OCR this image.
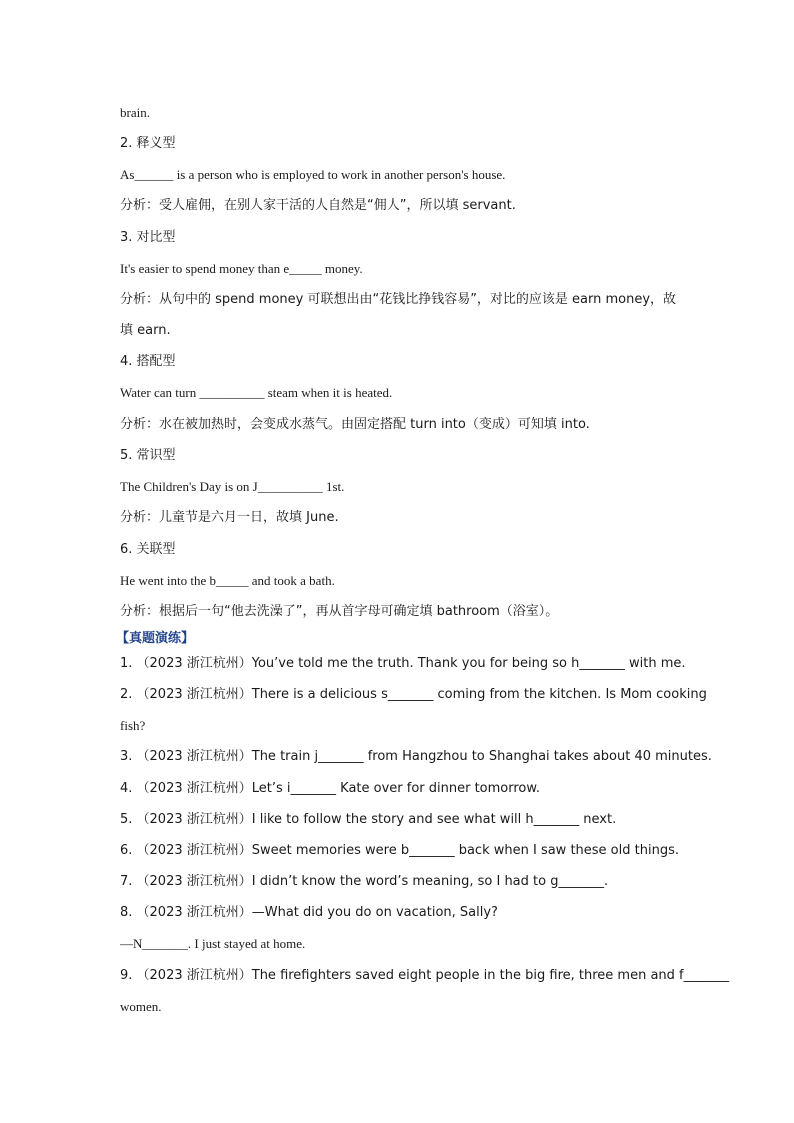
brain.
2. 释义型
As______ is a person who is employed to work in another person's house.
分析：受人雇佣，在别人家干活的人自然是“佣人”，所以填 servant.
3. 对比型
It's easier to spend money than e_____ money.
分析：从句中的 spend money 可联想出由“花钱比挣钱容易”，对比的应该是 earn money，故
填 earn.
4. 搭配型
Water can turn __________ steam when it is heated.
分析：水在被加热时，会变成水蒸气。由固定搭配 turn into（变成）可知填 into.
5. 常识型
The Children's Day is on J__________ 1st.
分析：儿童节是六月一日，故填 June.
6. 关联型
He went into the b_____ and took a bath.
分析：根据后一句“他去洗澡了”，再从首字母可确定填 bathroom（浴室）。
【真题演练】
1. （2023 浙江杭州）You’ve told me the truth. Thank you for being so h_______ with me.
2. （2023 浙江杭州）There is a delicious s_______ coming from the kitchen. Is Mom cooking
fish?
3. （2023 浙江杭州）The train j_______ from Hangzhou to Shanghai takes about 40 minutes.
4. （2023 浙江杭州）Let’s i_______ Kate over for dinner tomorrow.
5. （2023 浙江杭州）I like to follow the story and see what will h_______ next.
6. （2023 浙江杭州）Sweet memories were b_______ back when I saw these old things.
7. （2023 浙江杭州）I didn’t know the word’s meaning, so I had to g_______.
8. （2023 浙江杭州）—What did you do on vacation, Sally?
—N_______. I just stayed at home.
9. （2023 浙江杭州）The firefighters saved eight people in the big fire, three men and f_______
women.
